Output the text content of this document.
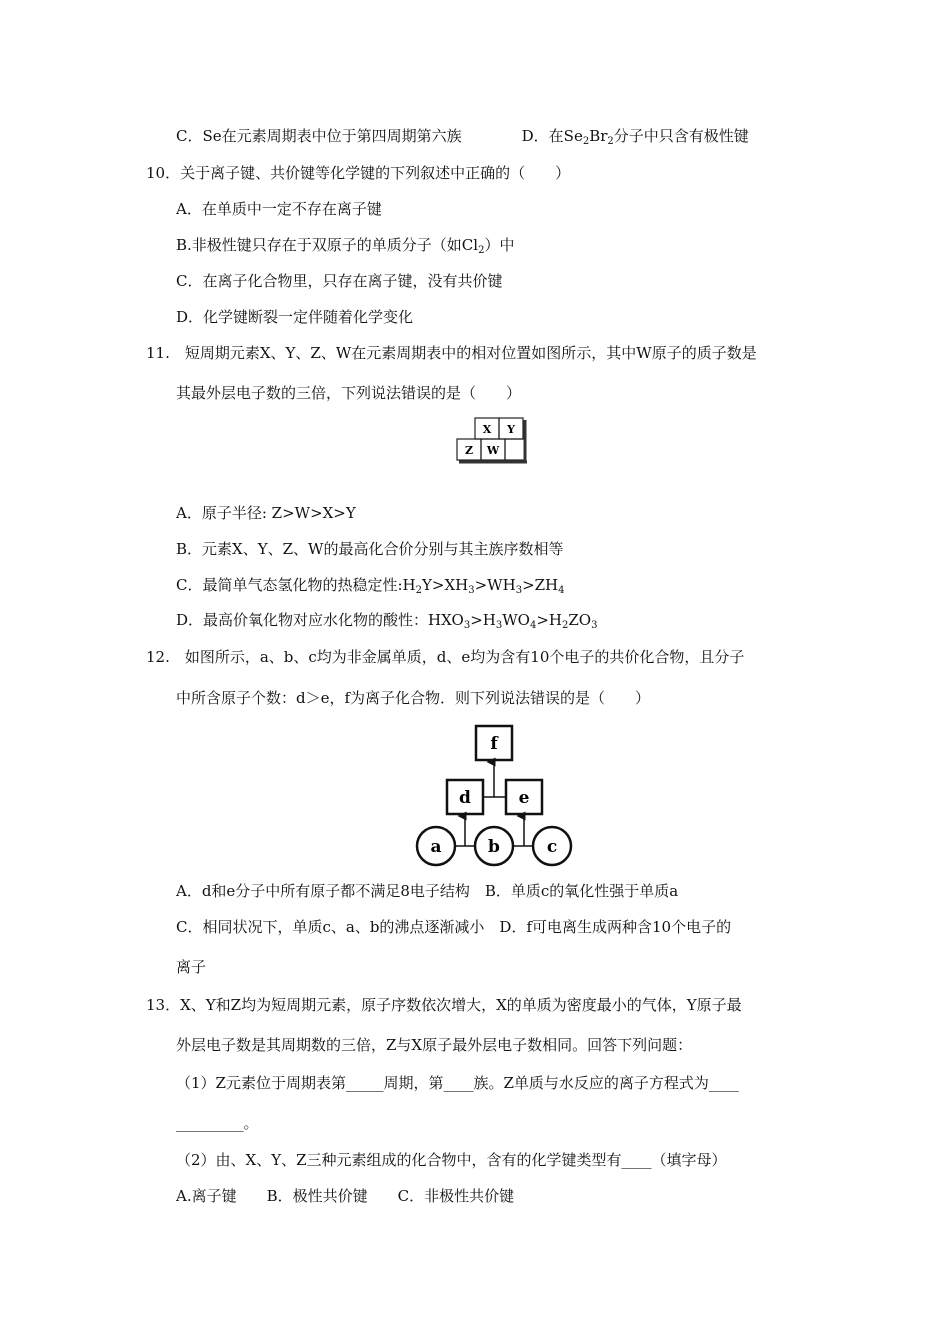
C．Se在元素周期表中位于第四周期第六族	D．在$Se_2Br_2$分子中只含有极性键
10．关于离子键、共价键等化学键的下列叙述中正确的（　　）
A．在单质中一定不存在离子键
B.非极性键只存在于双原子的单质分子（如$Cl_2$）中
C．在离子化合物里，只存在离子键，没有共价键
D．化学键断裂一定伴随着化学变化
11.　短周期元素X、Y、Z、W在元素周期表中的相对位置如图所示，其中W原子的质子数是
其最外层电子数的三倍，下列说法错误的是（　　）
X Y
Z W
A．原子半径: Z>W>X>Y
B．元素X、Y、Z、W的最高化合价分别与其主族序数相等
C．最简单气态氢化物的热稳定性$:H_2Y>XH_3>WH_3>ZH_4$
D．最高价氧化物对应水化物的酸性：$HXO_3>H_3WO_4>H_2ZO_3$
12.　如图所示，a、b、c均为非金属单质，d、e均为含有10个电子的共价化合物，且分子
中所含原子个数：d＞e，f为离子化合物．则下列说法错误的是（　　）
f
d	e
a	b	c
A．d和e分子中所有原子都不满足8电子结构　B．单质c的氧化性强于单质a
C．相同状况下，单质c、a、b的沸点逐渐减小　D．f可电离生成两种含10个电子的
离子
13．X、Y和Z均为短周期元素，原子序数依次增大，X的单质为密度最小的气体，Y原子最
外层电子数是其周期数的三倍，Z与X原子最外层电子数相同。回答下列问题：
（1）Z元素位于周期表第_____周期，第____族。Z单质与水反应的离子方程式为____
_________。
（2）由、X、Y、Z三种元素组成的化合物中，含有的化学键类型有____（填字母）
A.离子键　　B．极性共价键　　C．非极性共价键
